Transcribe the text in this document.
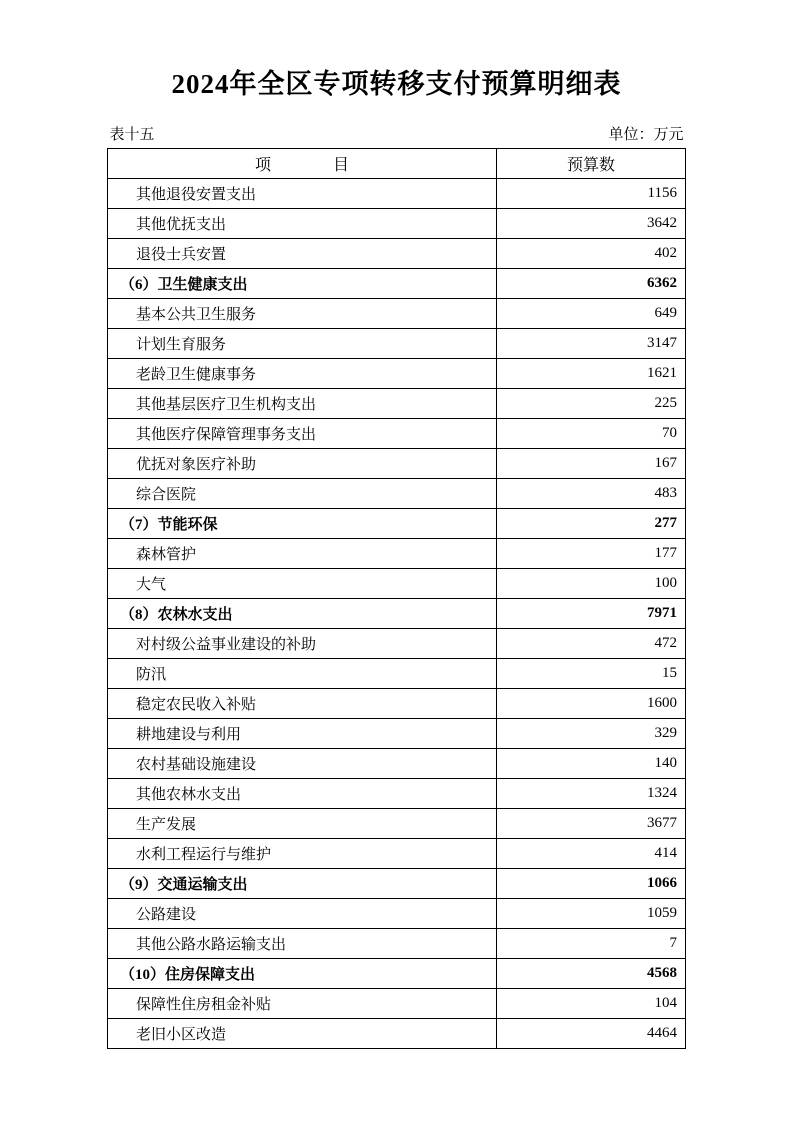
2024年全区专项转移支付预算明细表
表十五	单位：万元
项　　目	预算数
其他退役安置支出	1156
其他优抚支出	3642
退役士兵安置	402
（6）卫生健康支出	6362
基本公共卫生服务	649
计划生育服务	3147
老龄卫生健康事务	1621
其他基层医疗卫生机构支出	225
其他医疗保障管理事务支出	70
优抚对象医疗补助	167
综合医院	483
（7）节能环保	277
森林管护	177
大气	100
（8）农林水支出	7971
对村级公益事业建设的补助	472
防汛	15
稳定农民收入补贴	1600
耕地建设与利用	329
农村基础设施建设	140
其他农林水支出	1324
生产发展	3677
水利工程运行与维护	414
（9）交通运输支出	1066
公路建设	1059
其他公路水路运输支出	7
（10）住房保障支出	4568
保障性住房租金补贴	104
老旧小区改造	4464
